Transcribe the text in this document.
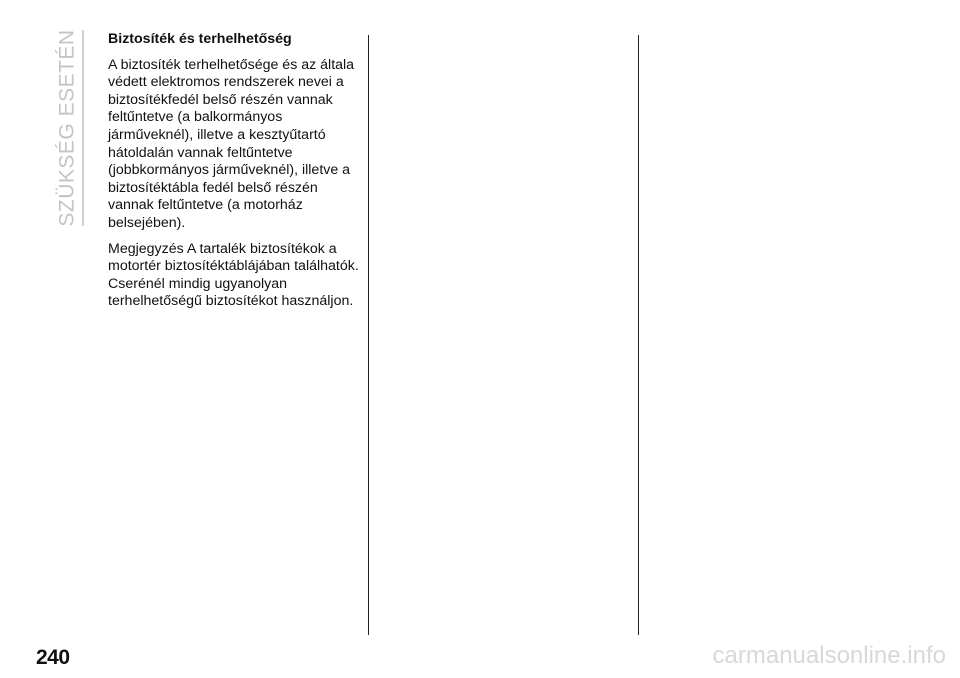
SZÜKSÉG ESETÉN Biztosíték és terhelhetőség

A biztosíték terhelhetősége és az általa védett elektromos rendszerek nevei a biztosítékfedél belső részén vannak feltűntetve (a balkormányos járműveknél), illetve a kesztyűtartó hátoldalán vannak feltűntetve (jobbkormányos járműveknél), illetve a biztosítéktábla fedél belső részén vannak feltűntetve (a motorház belsejében).

Megjegyzés A tartalék biztosítékok a motortér biztosítéktáblájában találhatók. Cserénél mindig ugyanolyan terhelhetőségű biztosítékot használjon.

240	carmanualsonline.info
